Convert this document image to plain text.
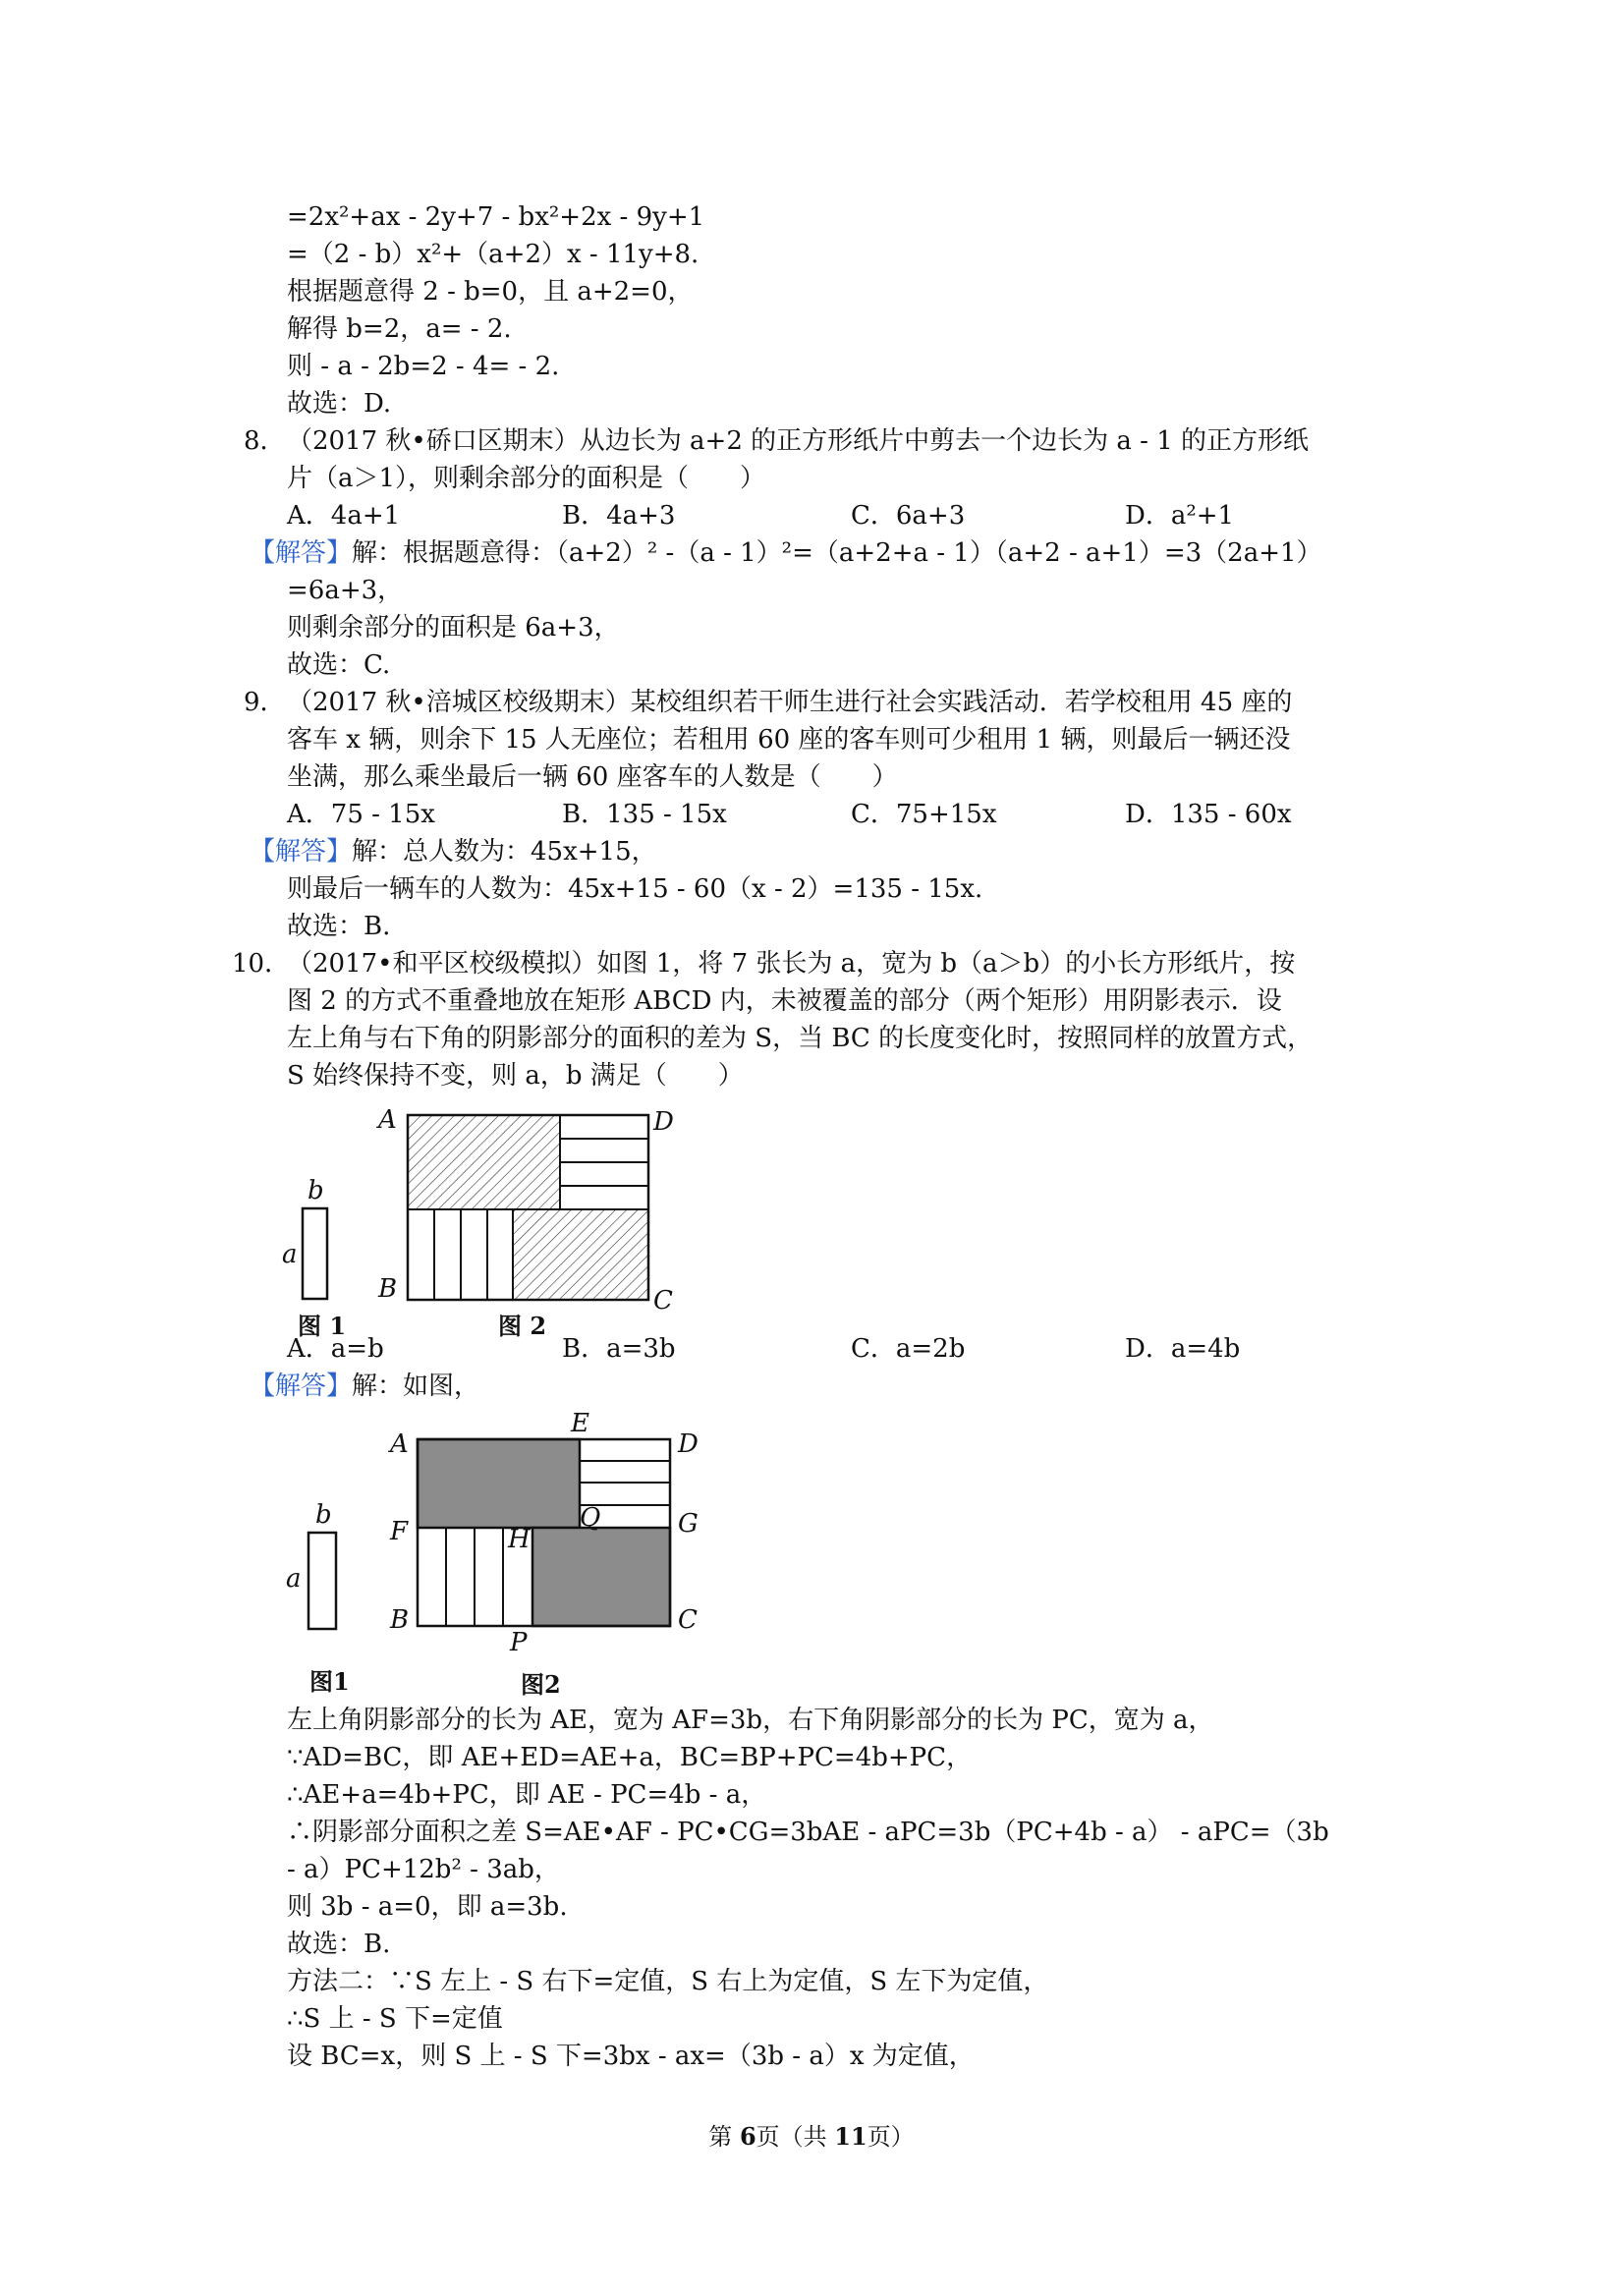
=2x²+ax - 2y+7 - bx²+2x - 9y+1
=（2 - b）x²+（a+2）x - 11y+8.
根据题意得 2 - b=0，且 a+2=0，
解得 b=2，a= - 2.
则 - a - 2b=2 - 4= - 2.
故选：D.
（2017 秋•硚口区期末）从边长为 a+2 的正方形纸片中剪去一个边长为 a - 1 的正方形纸
片（a＞1），则剩余部分的面积是（　　）
【解答】解：根据题意得：（a+2）² -（a - 1）²=（a+2+a - 1）（a+2 - a+1）=3（2a+1）
=6a+3，
则剩余部分的面积是 6a+3，
故选：C.
（2017 秋•涪城区校级期末）某校组织若干师生进行社会实践活动．若学校租用 45 座的
客车 x 辆，则余下 15 人无座位；若租用 60 座的客车则可少租用 1 辆，则最后一辆还没
坐满，那么乘坐最后一辆 60 座客车的人数是（　　）
【解答】解：总人数为：45x+15，
则最后一辆车的人数为：45x+15 - 60（x - 2）=135 - 15x.
故选：B.
（2017•和平区校级模拟）如图 1，将 7 张长为 a，宽为 b（a＞b）的小长方形纸片，按
图 2 的方式不重叠地放在矩形 ABCD 内，未被覆盖的部分（两个矩形）用阴影表示．设
左上角与右下角的阴影部分的面积的差为 S，当 BC 的长度变化时，按照同样的放置方式，
S 始终保持不变，则 a，b 满足（　　）
【解答】解：如图，
左上角阴影部分的长为 AE，宽为 AF=3b，右下角阴影部分的长为 PC，宽为 a，
∵AD=BC，即 AE+ED=AE+a，BC=BP+PC=4b+PC，
∴AE+a=4b+PC，即 AE - PC=4b - a，
∴阴影部分面积之差 S=AE•AF - PC•CG=3bAE - aPC=3b（PC+4b - a） - aPC=（3b
- a）PC+12b² - 3ab，
则 3b - a=0，即 a=3b.
故选：B.
方法二：∵S 左上 - S 右下=定值，S 右上为定值，S 左下为定值，
∴S 上 - S 下=定值
设 BC=x，则 S 上 - S 下=3bx - ax=（3b - a）x 为定值，
8．
9．
10．
A．4a+1	B．4a+3	C．6a+3	D．a²+1
A．75 - 15x	B．135 - 15x	C．75+15x	D．135 - 60x
A．a=b	B．a=3b	C．a=2b	D．a=4b
b
a
图 1
A	D
B	C
图 2
b
a
图1
A
E
D
F	Q	G
H
B
P
C
图2
第 6页（共 11页）
